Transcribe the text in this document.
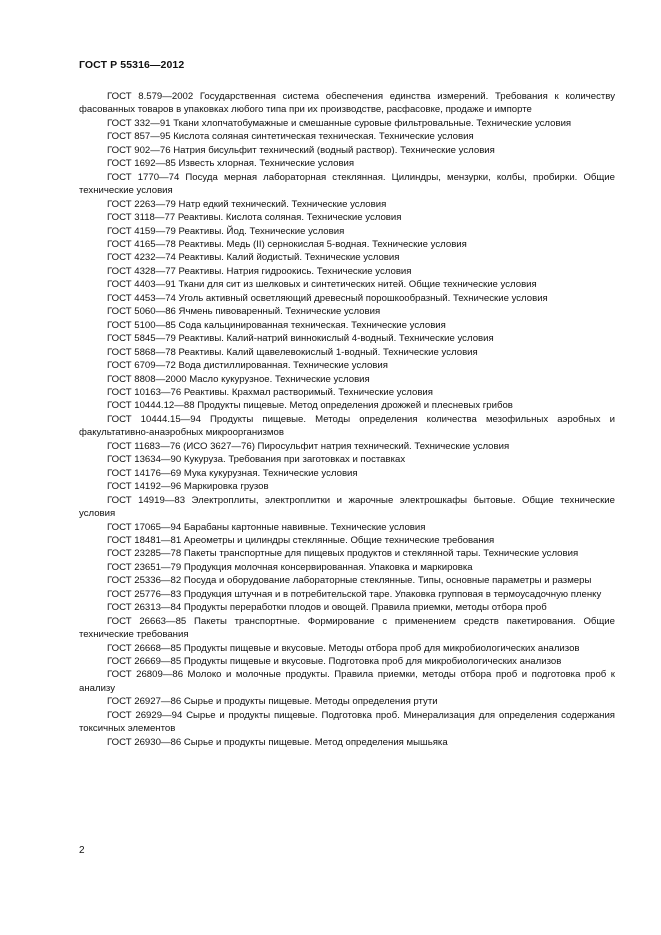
ГОСТ Р 55316—2012

ГОСТ 8.579—2002 Государственная система обеспечения единства измерений. Требования к количеству фасованных товаров в упаковках любого типа при их производстве, расфасовке, продаже и импорте

ГОСТ 332—91 Ткани хлопчатобумажные и смешанные суровые фильтровальные. Технические условия

ГОСТ 857—95 Кислота соляная синтетическая техническая. Технические условия

ГОСТ 902—76 Натрия бисульфит технический (водный раствор). Технические условия

ГОСТ 1692—85 Известь хлорная. Технические условия

ГОСТ 1770—74 Посуда мерная лабораторная стеклянная. Цилиндры, мензурки, колбы, пробирки. Общие технические условия

ГОСТ 2263—79 Натр едкий технический. Технические условия

ГОСТ 3118—77 Реактивы. Кислота соляная. Технические условия

ГОСТ 4159—79 Реактивы. Йод. Технические условия

ГОСТ 4165—78 Реактивы. Медь (II) сернокислая 5-водная. Технические условия

ГОСТ 4232—74 Реактивы. Калий йодистый. Технические условия

ГОСТ 4328—77 Реактивы. Натрия гидроокись. Технические условия

ГОСТ 4403—91 Ткани для сит из шелковых и синтетических нитей. Общие технические условия

ГОСТ 4453—74 Уголь активный осветляющий древесный порошкообразный. Технические условия

ГОСТ 5060—86 Ячмень пивоваренный. Технические условия

ГОСТ 5100—85 Сода кальцинированная техническая. Технические условия

ГОСТ 5845—79 Реактивы. Калий-натрий виннокислый 4-водный. Технические условия

ГОСТ 5868—78 Реактивы. Калий щавелевокислый 1-водный. Технические условия

ГОСТ 6709—72 Вода дистиллированная. Технические условия

ГОСТ 8808—2000 Масло кукурузное. Технические условия

ГОСТ 10163—76 Реактивы. Крахмал растворимый. Технические условия

ГОСТ 10444.12—88 Продукты пищевые. Метод определения дрожжей и плесневых грибов

ГОСТ 10444.15—94 Продукты пищевые. Методы определения количества мезофильных аэробных и факультативно-анаэробных микроорганизмов

ГОСТ 11683—76 (ИСО 3627—76) Пиросульфит натрия технический. Технические условия

ГОСТ 13634—90 Кукуруза. Требования при заготовках и поставках

ГОСТ 14176—69 Мука кукурузная. Технические условия

ГОСТ 14192—96 Маркировка грузов

ГОСТ 14919—83 Электроплиты, электроплитки и жарочные электрошкафы бытовые. Общие технические условия

ГОСТ 17065—94 Барабаны картонные навивные. Технические условия

ГОСТ 18481—81 Ареометры и цилиндры стеклянные. Общие технические требования

ГОСТ 23285—78 Пакеты транспортные для пищевых продуктов и стеклянной тары. Технические условия

ГОСТ 23651—79 Продукция молочная консервированная. Упаковка и маркировка

ГОСТ 25336—82 Посуда и оборудование лабораторные стеклянные. Типы, основные параметры и размеры

ГОСТ 25776—83 Продукция штучная и в потребительской таре. Упаковка групповая в термоусадочную пленку

ГОСТ 26313—84 Продукты переработки плодов и овощей. Правила приемки, методы отбора проб

ГОСТ 26663—85 Пакеты транспортные. Формирование с применением средств пакетирования. Общие технические требования

ГОСТ 26668—85 Продукты пищевые и вкусовые. Методы отбора проб для микробиологических анализов

ГОСТ 26669—85 Продукты пищевые и вкусовые. Подготовка проб для микробиологических анализов

ГОСТ 26809—86 Молоко и молочные продукты. Правила приемки, методы отбора проб и подготовка проб к анализу

ГОСТ 26927—86 Сырье и продукты пищевые. Методы определения ртути

ГОСТ 26929—94 Сырье и продукты пищевые. Подготовка проб. Минерализация для определения содержания токсичных элементов

ГОСТ 26930—86 Сырье и продукты пищевые. Метод определения мышьяка

2
